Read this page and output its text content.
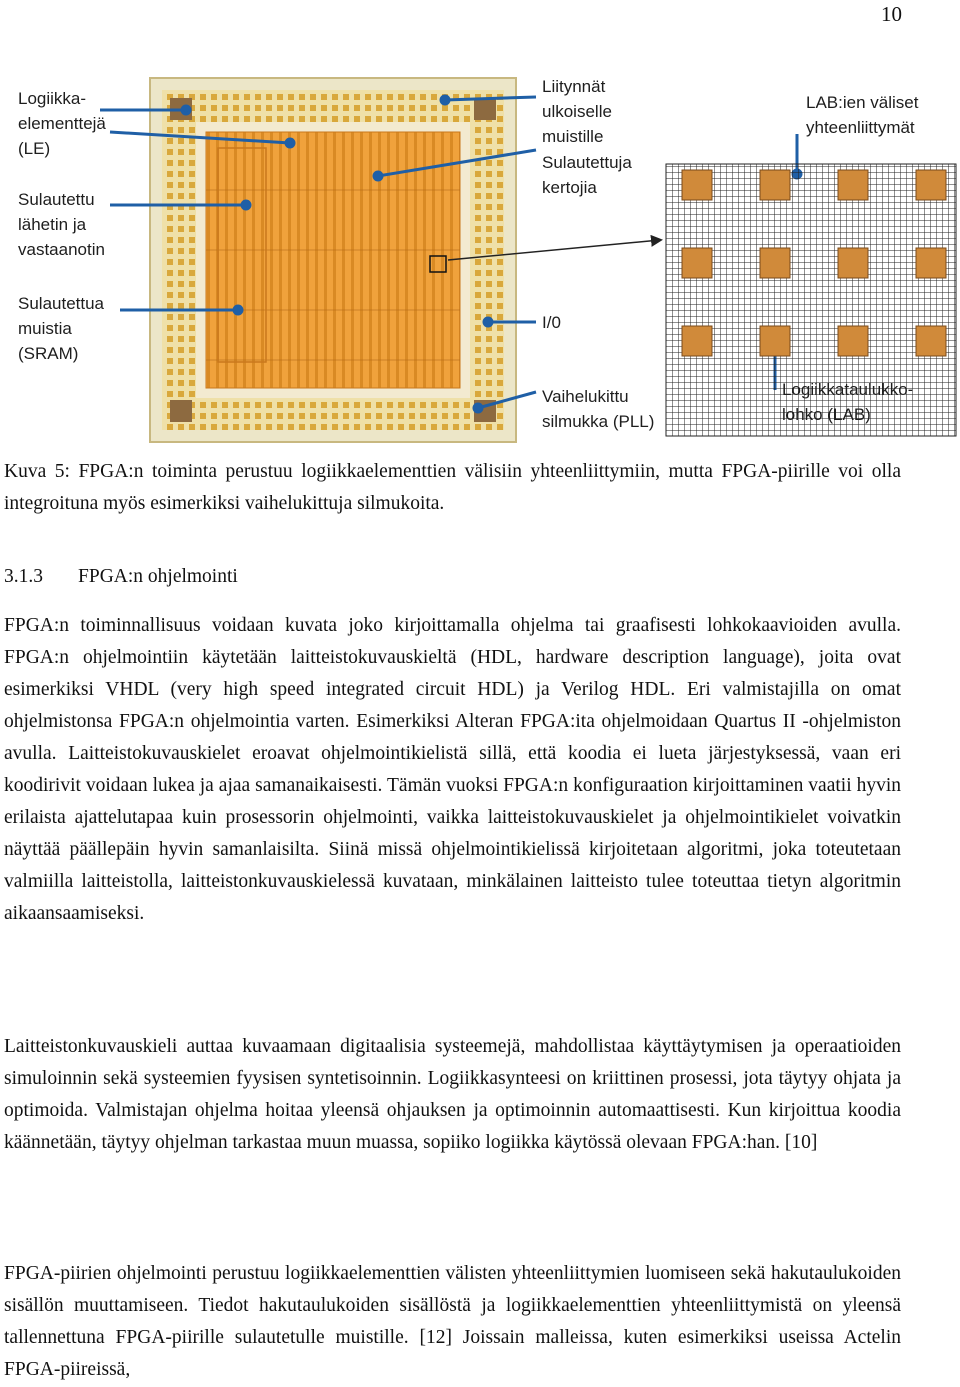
10
Logiikka-
elementtejä
(LE)
Sulautettu
lähetin ja
vastaanotin
Sulautettua
muistia
(SRAM)
Liitynnät
ulkoiselle
muistille
Sulautettuja
kertojia
I/0
Vaihelukittu
silmukka (PLL)
LAB:ien väliset
yhteenliittymät
Logiikkataulukko-
lohko (LAB)

Kuva 5: FPGA:n toiminta perustuu logiikkaelementtien välisiin yhteenliittymiin, mutta FPGA-piirille voi olla integroituna myös esimerkiksi vaihelukittuja silmukoita.

3.1.3 FPGA:n ohjelmointi

FPGA:n toiminnallisuus voidaan kuvata joko kirjoittamalla ohjelma tai graafisesti lohkokaavioiden avulla. FPGA:n ohjelmointiin käytetään laitteistokuvauskieltä (HDL, hardware description language), joita ovat esimerkiksi VHDL (very high speed integrated circuit HDL) ja Verilog HDL. Eri valmistajilla on omat ohjelmistonsa FPGA:n ohjelmointia varten. Esimerkiksi Alteran FPGA:ita ohjelmoidaan Quartus II -ohjelmiston avulla. Laitteistokuvauskielet eroavat ohjelmointikielistä sillä, että koodia ei lueta järjestyksessä, vaan eri koodirivit voidaan lukea ja ajaa samanaikaisesti. Tämän vuoksi FPGA:n konfiguraation kirjoittaminen vaatii hyvin erilaista ajattelutapaa kuin prosessorin ohjelmointi, vaikka laitteistokuvauskielet ja ohjelmointikielet voivatkin näyttää päällepäin hyvin samanlaisilta. Siinä missä ohjelmointikielissä kirjoitetaan algoritmi, joka toteutetaan valmiilla laitteistolla, laitteistonkuvauskielessä kuvataan, minkälainen laitteisto tulee toteuttaa tietyn algoritmin aikaansaamiseksi.

Laitteistonkuvauskieli auttaa kuvaamaan digitaalisia systeemejä, mahdollistaa käyttäytymisen ja operaatioiden simuloinnin sekä systeemien fyysisen syntetisoinnin. Logiikkasynteesi on kriittinen prosessi, jota täytyy ohjata ja optimoida. Valmistajan ohjelma hoitaa yleensä ohjauksen ja optimoinnin automaattisesti. Kun kirjoittua koodia käännetään, täytyy ohjelman tarkastaa muun muassa, sopiiko logiikka käytössä olevaan FPGA:han. [10]

FPGA-piirien ohjelmointi perustuu logiikkaelementtien välisten yhteenliittymien luomiseen sekä hakutaulukoiden sisällön muuttamiseen. Tiedot hakutaulukoiden sisällöstä ja logiikkaelementtien yhteenliittymistä on yleensä tallennettuna FPGA-piirille sulautetulle muistille. [12] Joissain malleissa, kuten esimerkiksi useissa Actelin FPGA-piireissä,
